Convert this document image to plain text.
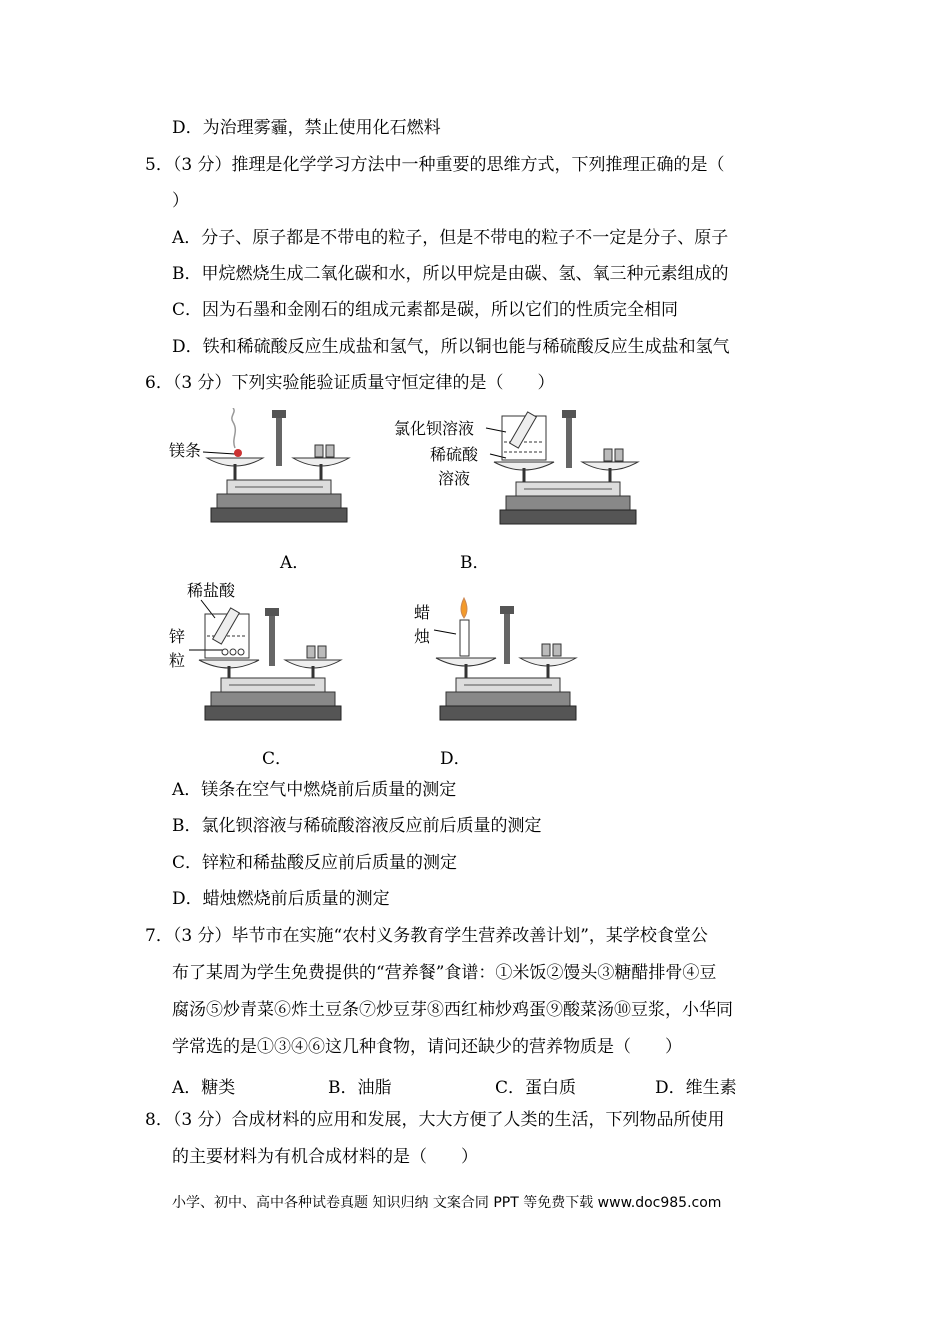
D．为治理雾霾，禁止使用化石燃料
5．（3 分）推理是化学学习方法中一种重要的思维方式，下列推理正确的是（
）
A．分子、原子都是不带电的粒子，但是不带电的粒子不一定是分子、原子
B．甲烷燃烧生成二氧化碳和水，所以甲烷是由碳、氢、氧三种元素组成的
C．因为石墨和金刚石的组成元素都是碳，所以它们的性质完全相同
D．铁和稀硫酸反应生成盐和氢气，所以铜也能与稀硫酸反应生成盐和氢气
6．（3 分）下列实验能验证质量守恒定律的是（　　）
镁条
A．
氯化钡溶液
稀硫酸
溶液
B．
稀盐酸
锌
粒
C．
蜡
烛
D．
A．镁条在空气中燃烧前后质量的测定
B．氯化钡溶液与稀硫酸溶液反应前后质量的测定
C．锌粒和稀盐酸反应前后质量的测定
D．蜡烛燃烧前后质量的测定
7．（3 分）毕节市在实施“农村义务教育学生营养改善计划”，某学校食堂公
布了某周为学生免费提供的“营养餐”食谱：①米饭②馒头③糖醋排骨④豆
腐汤⑤炒青菜⑥炸土豆条⑦炒豆芽⑧西红柿炒鸡蛋⑨酸菜汤⑩豆浆，小华同
学常选的是①③④⑥这几种食物，请问还缺少的营养物质是（　　）
A．糖类	B．油脂	C．蛋白质	D．维生素
8．（3 分）合成材料的应用和发展，大大方便了人类的生活，下列物品所使用
的主要材料为有机合成材料的是（　　）
小学、初中、高中各种试卷真题 知识归纳 文案合同 PPT 等免费下载 www.doc985.com
